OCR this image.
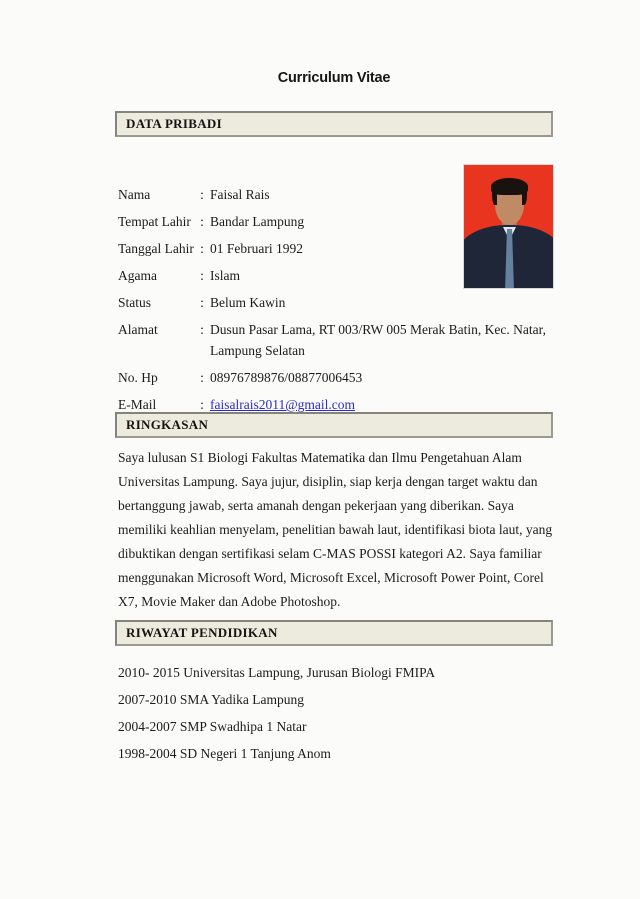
Curriculum Vitae
DATA PRIBADI
Nama	: Faisal Rais
Tempat Lahir : Bandar Lampung
Tanggal Lahir : 01 Februari 1992
Agama	: Islam
Status	: Belum Kawin
Alamat	: Dusun Pasar Lama, RT 003/RW 005 Merak Batin, Kec. Natar, Lampung Selatan
No. Hp	: 08976789876/08877006453
E-Mail	: faisalrais2011@gmail.com
RINGKASAN
Saya lulusan S1 Biologi Fakultas Matematika dan Ilmu Pengetahuan Alam Universitas Lampung. Saya jujur, disiplin, siap kerja dengan target waktu dan bertanggung jawab, serta amanah dengan pekerjaan yang diberikan. Saya memiliki keahlian menyelam, penelitian bawah laut, identifikasi biota laut, yang dibuktikan dengan sertifikasi selam C-MAS POSSI kategori A2. Saya familiar menggunakan Microsoft Word, Microsoft Excel, Microsoft Power Point, Corel X7, Movie Maker dan Adobe Photoshop.
RIWAYAT PENDIDIKAN
2010- 2015 Universitas Lampung, Jurusan Biologi FMIPA
2007-2010 SMA Yadika Lampung
2004-2007 SMP Swadhipa 1 Natar
1998-2004 SD Negeri 1 Tanjung Anom
